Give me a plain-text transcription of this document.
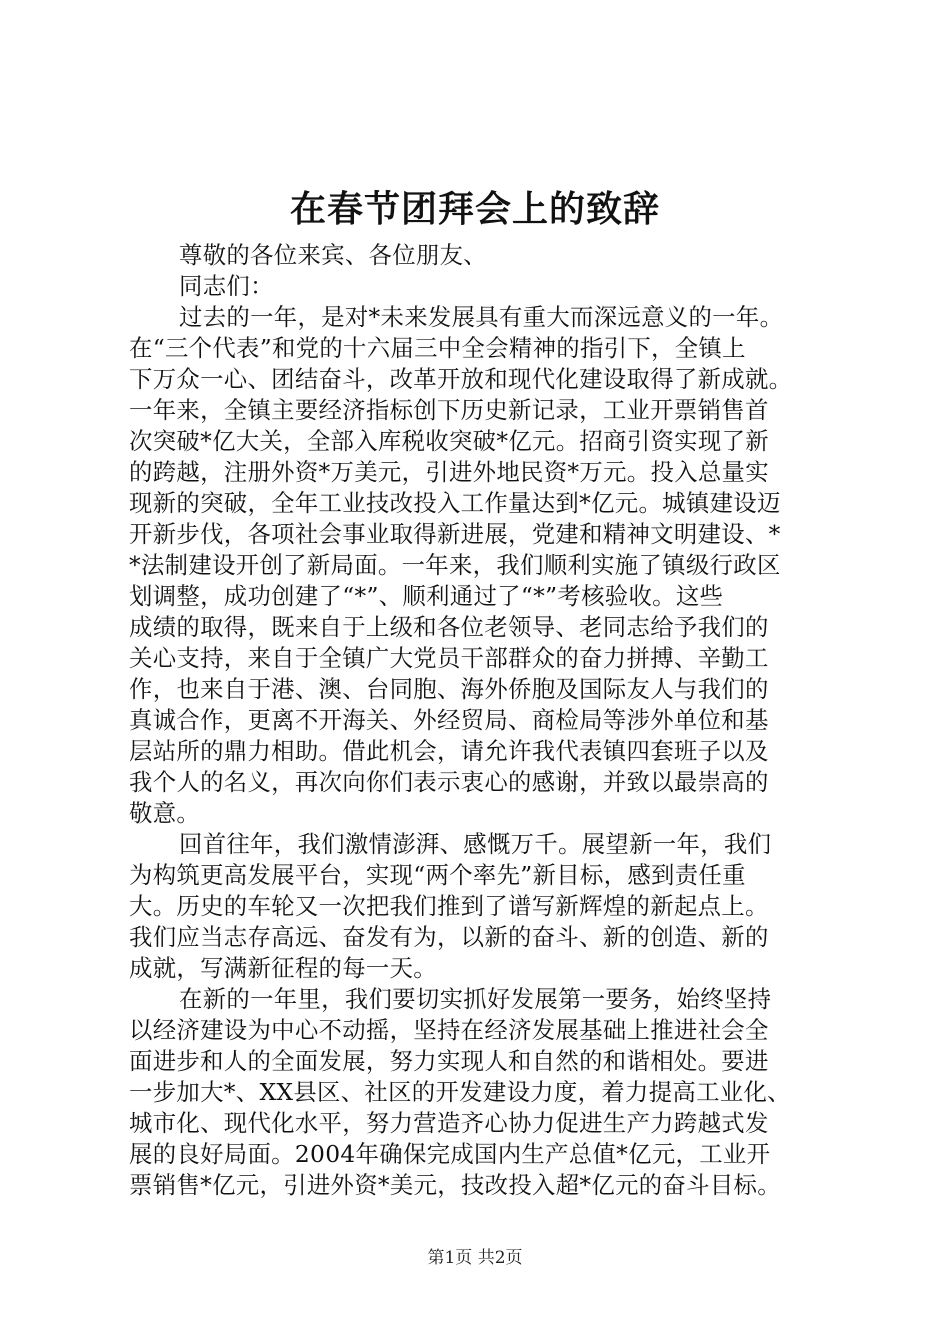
在春节团拜会上的致辞
尊敬的各位来宾、各位朋友、
同志们：
过去的一年，是对*未来发展具有重大而深远意义的一年。
在“三个代表”和党的十六届三中全会精神的指引下，全镇上
下万众一心、团结奋斗，改革开放和现代化建设取得了新成就。
一年来，全镇主要经济指标创下历史新记录，工业开票销售首
次突破*亿大关，全部入库税收突破*亿元。招商引资实现了新
的跨越，注册外资*万美元，引进外地民资*万元。投入总量实
现新的突破，全年工业技改投入工作量达到*亿元。城镇建设迈
开新步伐，各项社会事业取得新进展，党建和精神文明建设、*
*法制建设开创了新局面。一年来，我们顺利实施了镇级行政区
划调整，成功创建了“*”、顺利通过了“*”考核验收。这些
成绩的取得，既来自于上级和各位老领导、老同志给予我们的
关心支持，来自于全镇广大党员干部群众的奋力拼搏、辛勤工
作，也来自于港、澳、台同胞、海外侨胞及国际友人与我们的
真诚合作，更离不开海关、外经贸局、商检局等涉外单位和基
层站所的鼎力相助。借此机会，请允许我代表镇四套班子以及
我个人的名义，再次向你们表示衷心的感谢，并致以最崇高的
敬意。
回首往年，我们激情澎湃、感慨万千。展望新一年，我们
为构筑更高发展平台，实现“两个率先”新目标，感到责任重
大。历史的车轮又一次把我们推到了谱写新辉煌的新起点上。
我们应当志存高远、奋发有为，以新的奋斗、新的创造、新的
成就，写满新征程的每一天。
在新的一年里，我们要切实抓好发展第一要务，始终坚持
以经济建设为中心不动摇，坚持在经济发展基础上推进社会全
面进步和人的全面发展，努力实现人和自然的和谐相处。要进
一步加大*、XX县区、社区的开发建设力度，着力提高工业化、
城市化、现代化水平，努力营造齐心协力促进生产力跨越式发
展的良好局面。2004年确保完成国内生产总值*亿元，工业开
票销售*亿元，引进外资*美元，技改投入超*亿元的奋斗目标。
第1页 共2页
